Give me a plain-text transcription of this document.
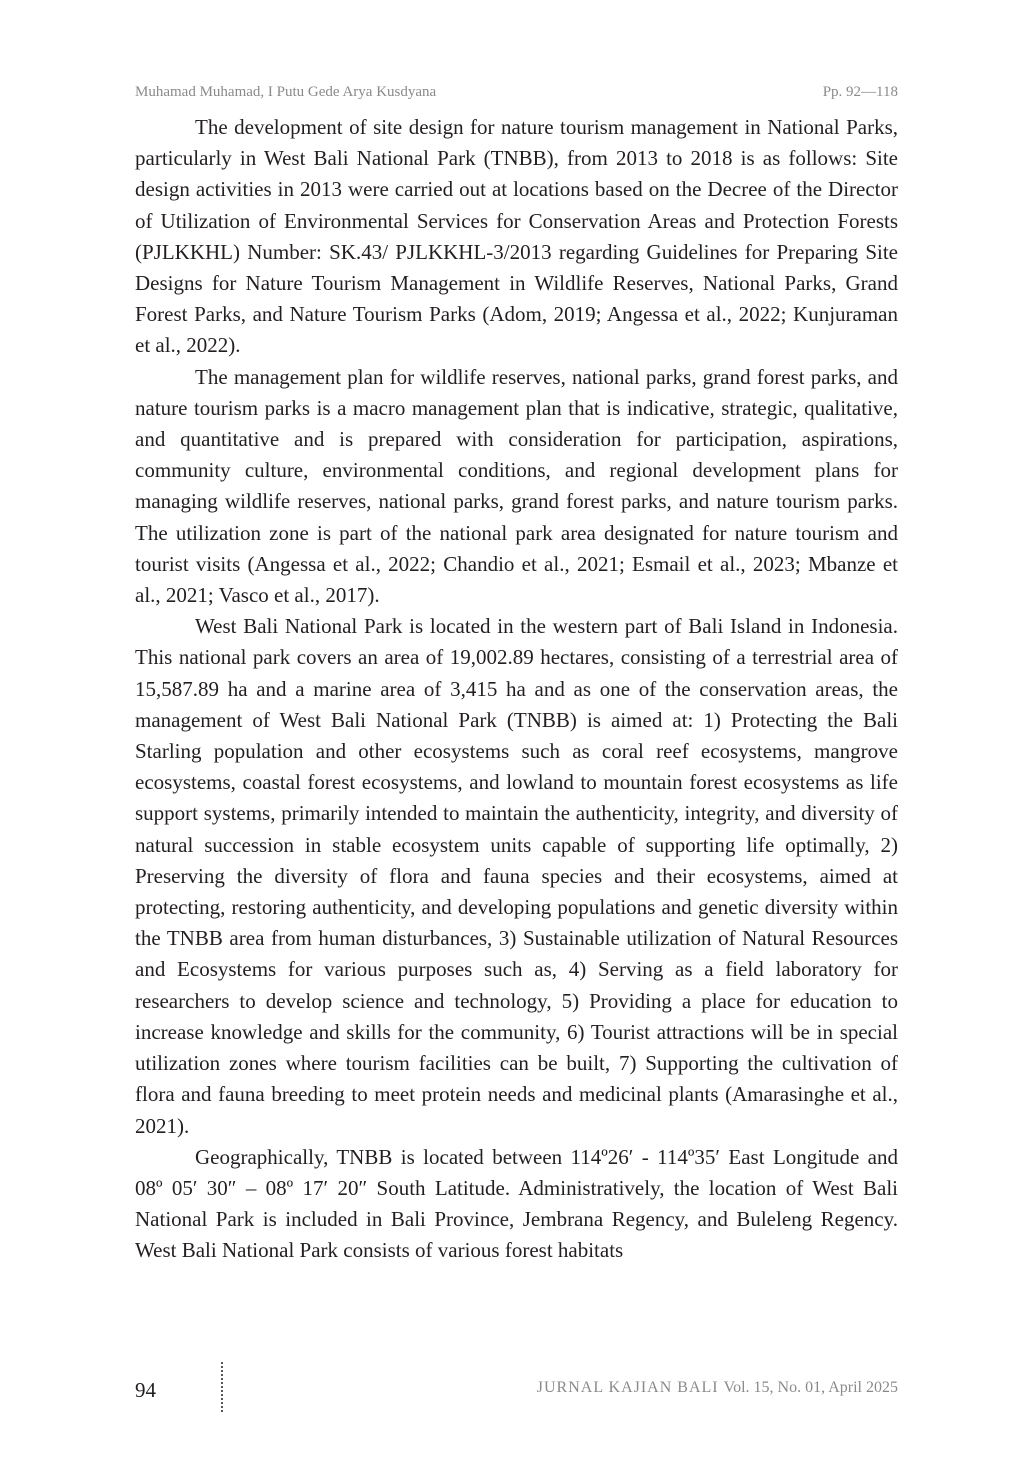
Muhamad Muhamad, I Putu Gede Arya Kusdyana	Pp. 92—118

The development of site design for nature tourism management in National Parks, particularly in West Bali National Park (TNBB), from 2013 to 2018 is as follows: Site design activities in 2013 were carried out at locations based on the Decree of the Director of Utilization of Environmental Services for Conservation Areas and Protection Forests (PJLKKHL) Number: SK.43/ PJLKKHL-3/2013 regarding Guidelines for Preparing Site Designs for Nature Tourism Management in Wildlife Reserves, National Parks, Grand Forest Parks, and Nature Tourism Parks (Adom, 2019; Angessa et al., 2022; Kunjuraman et al., 2022).

The management plan for wildlife reserves, national parks, grand forest parks, and nature tourism parks is a macro management plan that is indicative, strategic, qualitative, and quantitative and is prepared with consideration for participation, aspirations, community culture, environmental conditions, and regional development plans for managing wildlife reserves, national parks, grand forest parks, and nature tourism parks. The utilization zone is part of the national park area designated for nature tourism and tourist visits (Angessa et al., 2022; Chandio et al., 2021; Esmail et al., 2023; Mbanze et al., 2021; Vasco et al., 2017).

West Bali National Park is located in the western part of Bali Island in Indonesia. This national park covers an area of 19,002.89 hectares, consisting of a terrestrial area of 15,587.89 ha and a marine area of 3,415 ha and as one of the conservation areas, the management of West Bali National Park (TNBB) is aimed at: 1) Protecting the Bali Starling population and other ecosystems such as coral reef ecosystems, mangrove ecosystems, coastal forest ecosystems, and lowland to mountain forest ecosystems as life support systems, primarily intended to maintain the authenticity, integrity, and diversity of natural succession in stable ecosystem units capable of supporting life optimally, 2) Preserving the diversity of flora and fauna species and their ecosystems, aimed at protecting, restoring authenticity, and developing populations and genetic diversity within the TNBB area from human disturbances, 3) Sustainable utilization of Natural Resources and Ecosystems for various purposes such as, 4) Serving as a field laboratory for researchers to develop science and technology, 5) Providing a place for education to increase knowledge and skills for the community, 6) Tourist attractions will be in special utilization zones where tourism facilities can be built, 7) Supporting the cultivation of flora and fauna breeding to meet protein needs and medicinal plants (Amarasinghe et al., 2021).

Geographically, TNBB is located between 114º26′ - 114º35′ East Longitude and 08º 05′ 30″ – 08º 17′ 20″ South Latitude. Administratively, the location of West Bali National Park is included in Bali Province, Jembrana Regency, and Buleleng Regency. West Bali National Park consists of various forest habitats

94	JURNAL KAJIAN BALI Vol. 15, No. 01, April 2025
